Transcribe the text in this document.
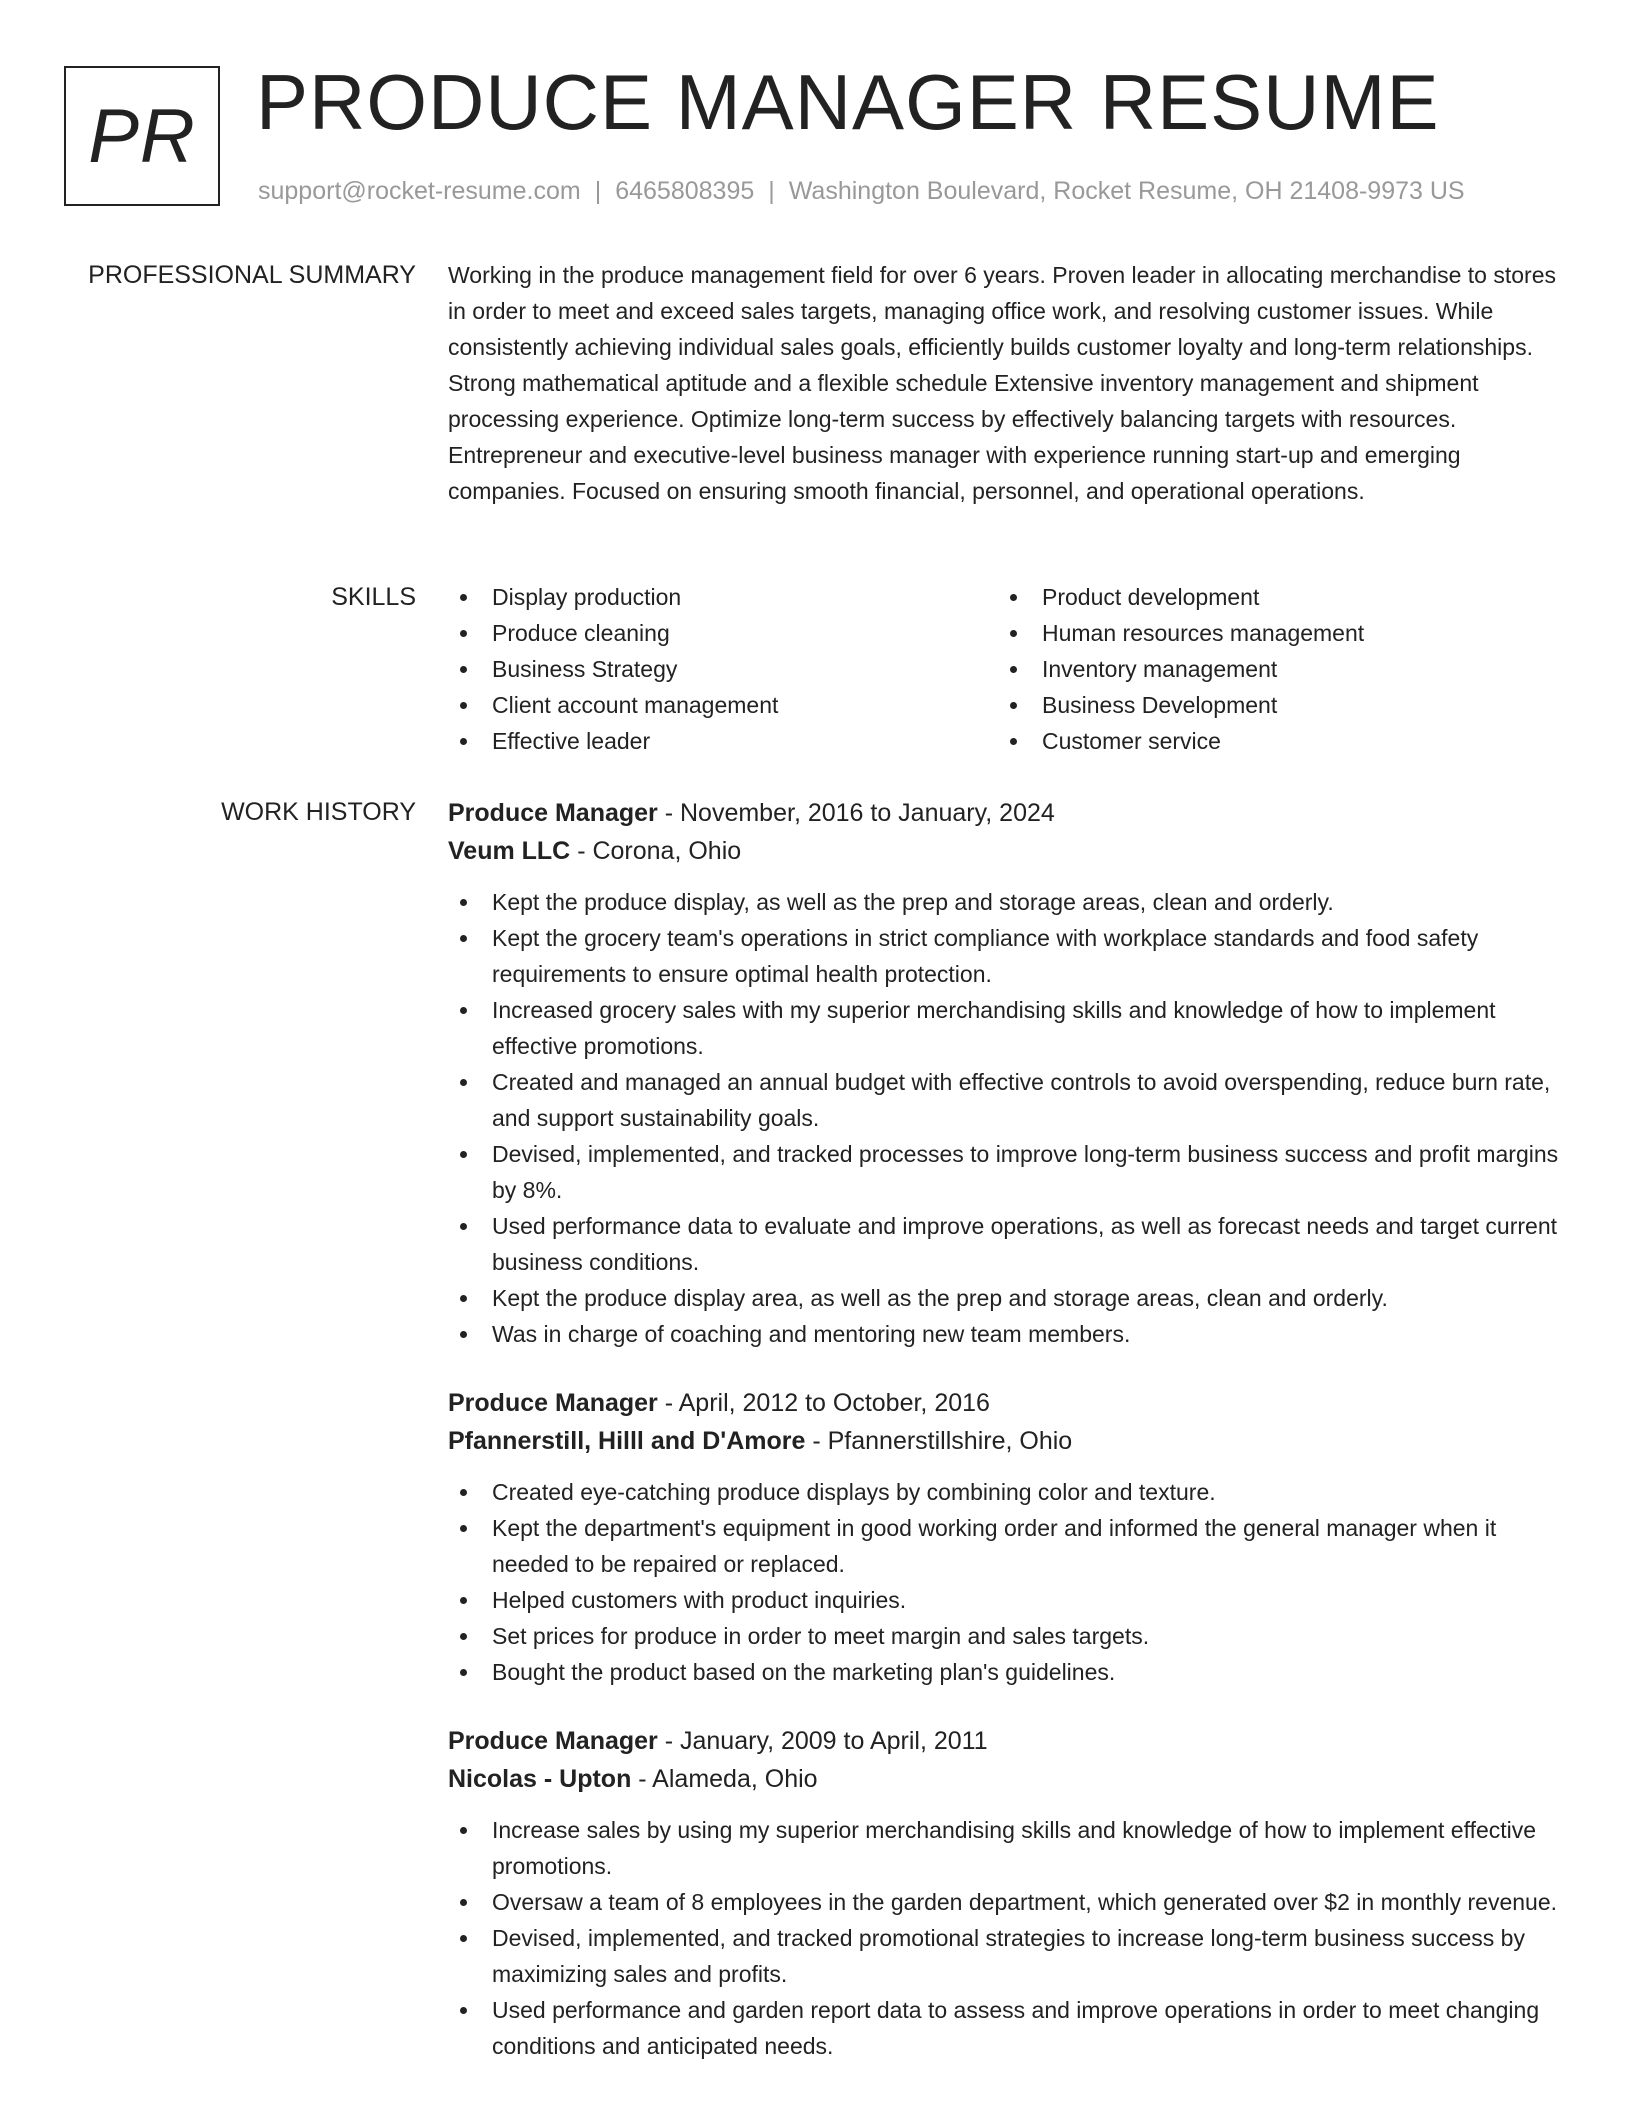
PR PRODUCE MANAGER RESUME
support@rocket-resume.com | 6465808395 | Washington Boulevard, Rocket Resume, OH 21408-9973 US
PROFESSIONAL SUMMARY Working in the produce management field for over 6 years. Proven leader in allocating merchandise to stores in order to meet and exceed sales targets, managing office work, and resolving customer issues. While consistently achieving individual sales goals, efficiently builds customer loyalty and long-term relationships. Strong mathematical aptitude and a flexible schedule Extensive inventory management and shipment processing experience. Optimize long-term success by effectively balancing targets with resources. Entrepreneur and executive-level business manager with experience running start-up and emerging companies. Focused on ensuring smooth financial, personnel, and operational operations.

SKILLS	Display production
Produce cleaning
Business Strategy
Client account management
Effective leader
Product development
Human resources management
Inventory management
Business Development
Customer service
WORK HISTORY Produce Manager - November, 2016 to January, 2024
Veum LLC - Corona, Ohio
Kept the produce display, as well as the prep and storage areas, clean and orderly.
Kept the grocery team's operations in strict compliance with workplace standards and food safety requirements to ensure optimal health protection.
Increased grocery sales with my superior merchandising skills and knowledge of how to implement effective promotions.
Created and managed an annual budget with effective controls to avoid overspending, reduce burn rate, and support sustainability goals.
Devised, implemented, and tracked processes to improve long-term business success and profit margins by 8%.
Used performance data to evaluate and improve operations, as well as forecast needs and target current business conditions.
Kept the produce display area, as well as the prep and storage areas, clean and orderly.
Was in charge of coaching and mentoring new team members.
Produce Manager - April, 2012 to October, 2016
Pfannerstill, Hilll and D'Amore - Pfannerstillshire, Ohio
Created eye-catching produce displays by combining color and texture.
Kept the department's equipment in good working order and informed the general manager when it needed to be repaired or replaced.
Helped customers with product inquiries.
Set prices for produce in order to meet margin and sales targets.
Bought the product based on the marketing plan's guidelines.
Produce Manager - January, 2009 to April, 2011
Nicolas - Upton - Alameda, Ohio
Increase sales by using my superior merchandising skills and knowledge of how to implement effective promotions.
Oversaw a team of 8 employees in the garden department, which generated over $2 in monthly revenue.
Devised, implemented, and tracked promotional strategies to increase long-term business success by maximizing sales and profits.
Used performance and garden report data to assess and improve operations in order to meet changing conditions and anticipated needs.
